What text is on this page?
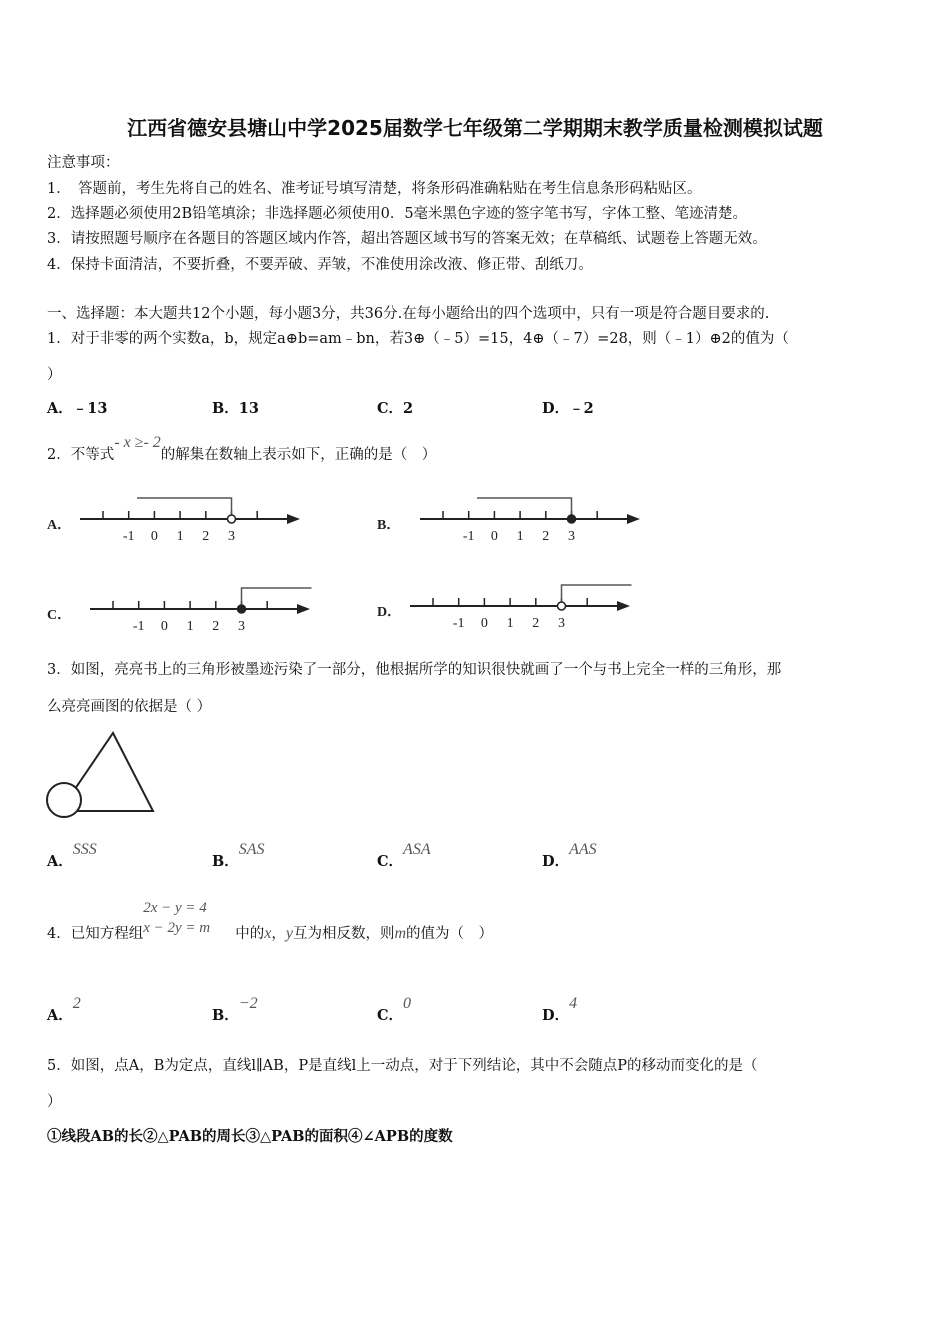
江西省德安县塘山中学2025届数学七年级第二学期期末教学质量检测模拟试题
注意事项：
1．　答题前，考生先将自己的姓名、准考证号填写清楚，将条形码准确粘贴在考生信息条形码粘贴区。
2．选择题必须使用2B铅笔填涂；非选择题必须使用0．5毫米黑色字迹的签字笔书写，字体工整、笔迹清楚。
3．请按照题号顺序在各题目的答题区域内作答，超出答题区域书写的答案无效；在草稿纸、试题卷上答题无效。
4．保持卡面清洁，不要折叠，不要弄破、弄皱，不准使用涂改液、修正带、刮纸刀。
一、选择题：本大题共12个小题，每小题3分，共36分.在每小题给出的四个选项中，只有一项是符合题目要求的.
1．对于非零的两个实数a，b，规定a⊕b=am﹣bn，若3⊕（﹣5）=15，4⊕（﹣7）=28，则（﹣1）⊕2的值为（
）
A．﹣13	B．13	C．2	D．﹣2
2．不等式- x ≥- 2的解集在数轴上表示如下，正确的是（　）
A．
-1 0 1 2 3
B．
-1 0 1 2 3
C．
-1 0 1 2 3
D．
-1 0 1 2 3
3．如图，亮亮书上的三角形被墨迹污染了一部分，他根据所学的知识很快就画了一个与书上完全一样的三角形，那
么亮亮画图的依据是（ ）
A．SSS
B．SAS
C．ASA
D．AAS
4．已知方程组
2x − y = 4
x − 2y = m 中的x，y互为相反数，则m的值为（　）
A．2
B．−2
C．0
D．4
5．如图，点A，B为定点，直线l∥AB，P是直线l上一动点，对于下列结论，其中不会随点P的移动而变化的是（
）
①线段AB的长②△PAB的周长③△PAB的面积④∠APB的度数
